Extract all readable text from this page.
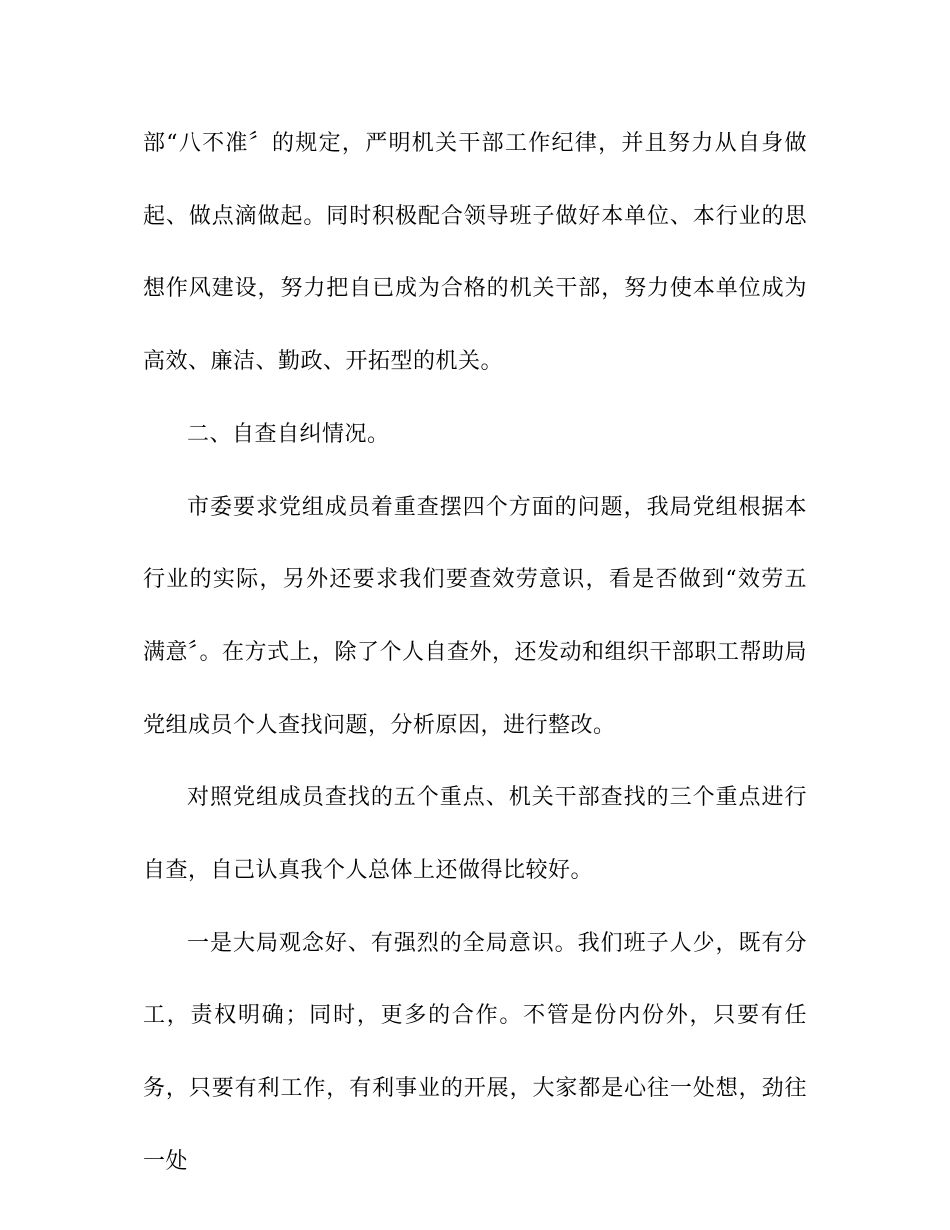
部“八不准〞的规定，严明机关干部工作纪律，并且努力从自身做起、做点滴做起。同时积极配合领导班子做好本单位、本行业的思想作风建设，努力把自已成为合格的机关干部，努力使本单位成为高效、廉洁、勤政、开拓型的机关。

二、自查自纠情况。

市委要求党组成员着重查摆四个方面的问题，我局党组根据本行业的实际，另外还要求我们要查效劳意识，看是否做到“效劳五满意〞。在方式上，除了个人自查外，还发动和组织干部职工帮助局党组成员个人查找问题，分析原因，进行整改。

对照党组成员查找的五个重点、机关干部查找的三个重点进行自查，自己认真我个人总体上还做得比较好。

一是大局观念好、有强烈的全局意识。我们班子人少，既有分工，责权明确；同时，更多的合作。不管是份内份外，只要有任务，只要有利工作，有利事业的开展，大家都是心往一处想，劲往一处
